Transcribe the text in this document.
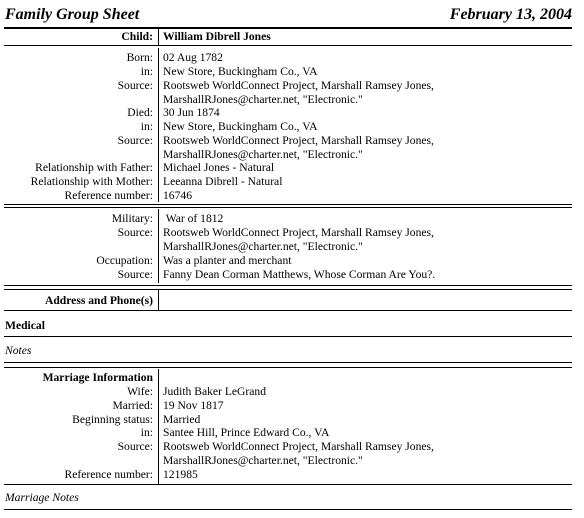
Family Group Sheet	February 13, 2004
Child: William Dibrell Jones
Born: 02 Aug 1782
in: New Store, Buckingham Co., VA
Source: Rootsweb WorldConnect Project, Marshall Ramsey Jones,
MarshallRJones@charter.net, "Electronic."
Died: 30 Jun 1874
in: New Store, Buckingham Co., VA
Source: Rootsweb WorldConnect Project, Marshall Ramsey Jones,
MarshallRJones@charter.net, "Electronic."
Relationship with Father: Michael Jones - Natural
Relationship with Mother: Leeanna Dibrell - Natural
Reference number: 16746
Military: War of 1812
Source: Rootsweb WorldConnect Project, Marshall Ramsey Jones,
MarshallRJones@charter.net, "Electronic."
Occupation: Was a planter and merchant
Source: Fanny Dean Corman Matthews, Whose Corman Are You?.
Address and Phone(s)
Medical
Notes
Marriage Information
Wife: Judith Baker LeGrand
Married: 19 Nov 1817
Beginning status: Married
in: Santee Hill, Prince Edward Co., VA
Source: Rootsweb WorldConnect Project, Marshall Ramsey Jones,
MarshallRJones@charter.net, "Electronic."
Reference number: 121985
Marriage Notes
